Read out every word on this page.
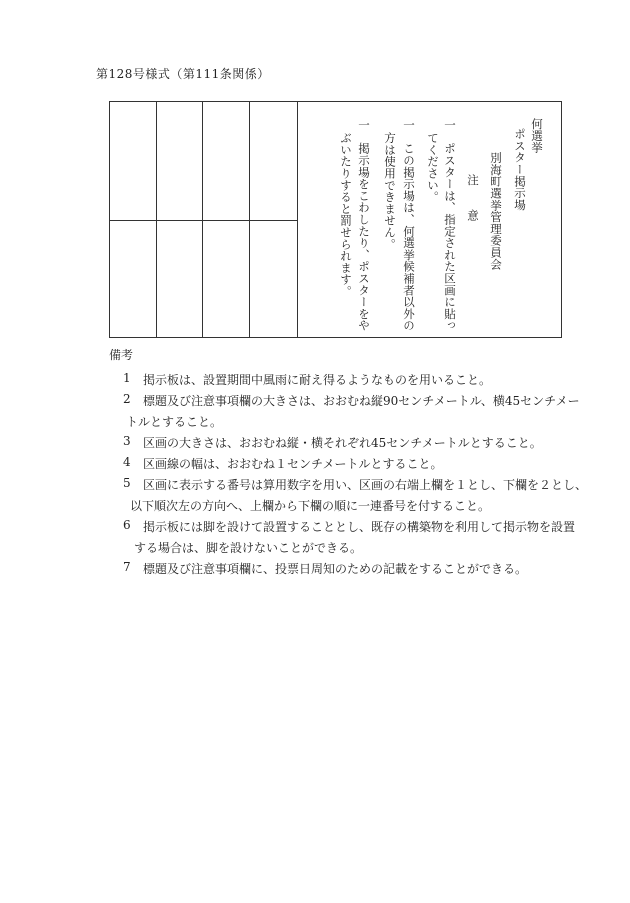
第128号様式（第111条関係）
何選挙
ポスター掲示場
別海町選挙管理委員会
注　　意
一　ポスターは、指定された区画に貼っ
てください。
一　この掲示場は、何選挙候補者以外の
方は使用できません。
一　掲示場をこわしたり、ポスターをや
ぶいたりすると罰せられます。
備考
1 掲示板は、設置期間中風雨に耐え得るようなものを用いること。
2 標題及び注意事項欄の大きさは、おおむね縦90センチメートル、横45センチメー
トルとすること。
3 区画の大きさは、おおむね縦・横それぞれ45センチメートルとすること。
4 区画線の幅は、おおむね１センチメートルとすること。
5 区画に表示する番号は算用数字を用い、区画の右端上欄を１とし、下欄を２とし、
以下順次左の方向へ、上欄から下欄の順に一連番号を付すること。
6 掲示板には脚を設けて設置することとし、既存の構築物を利用して掲示物を設置
する場合は、脚を設けないことができる。
7 標題及び注意事項欄に、投票日周知のための記載をすることができる。
